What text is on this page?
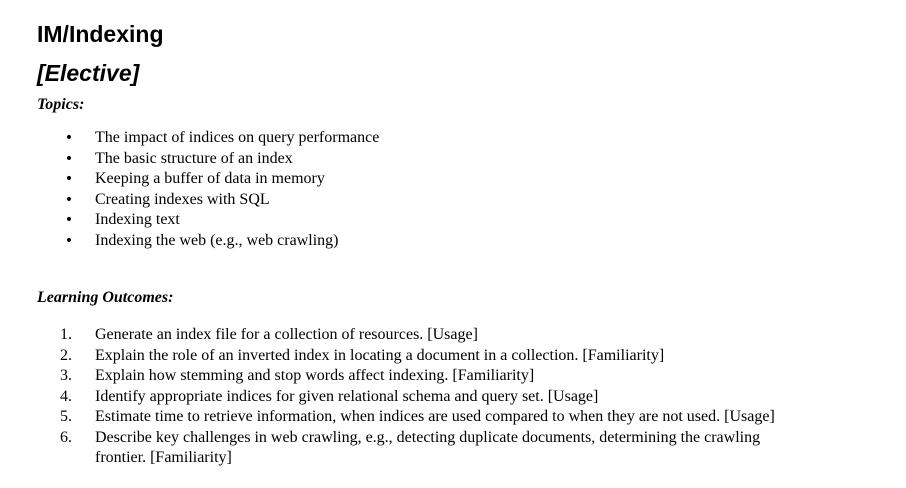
IM/Indexing
[Elective]
Topics:
• The impact of indices on query performance
• The basic structure of an index
• Keeping a buffer of data in memory
• Creating indexes with SQL
• Indexing text
• Indexing the web (e.g., web crawling)
Learning Outcomes:
1.	Generate an index file for a collection of resources. [Usage]
2.	Explain the role of an inverted index in locating a document in a collection. [Familiarity]
3.	Explain how stemming and stop words affect indexing. [Familiarity]
4.	Identify appropriate indices for given relational schema and query set. [Usage]
5.	Estimate time to retrieve information, when indices are used compared to when they are not used. [Usage]
6.	Describe key challenges in web crawling, e.g., detecting duplicate documents, determining the crawling frontier. [Familiarity]
